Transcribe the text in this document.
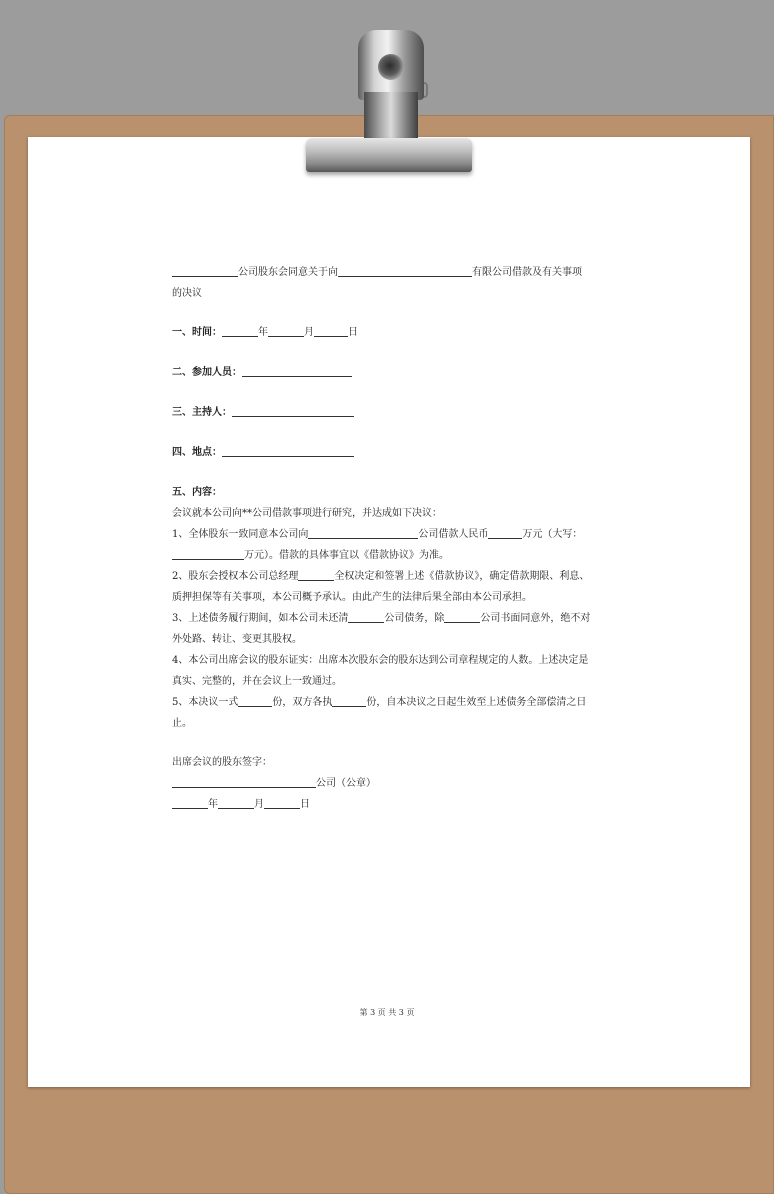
公司股东会同意关于向	有限公司借款及有关事项
的决议
一、时间：	年	月	日
二、参加人员：
三、主持人：
四、地点：
五、内容：
会议就本公司向**公司借款事项进行研究，并达成如下决议：
1、全体股东一致同意本公司向	公司借款人民币	万元（大写：
万元）。借款的具体事宜以《借款协议》为准。
2、股东会授权本公司总经理	全权决定和签署上述《借款协议》，确定借款期限、利息、
质押担保等有关事项，本公司概予承认。由此产生的法律后果全部由本公司承担。
3、上述债务履行期间，如本公司未还清	公司债务，除	公司书面同意外，绝不对
外处路、转让、变更其股权。
4、本公司出席会议的股东证实：出席本次股东会的股东达到公司章程规定的人数。上述决定是
真实、完整的，并在会议上一致通过。
5、本决议一式	份，双方各执	份，自本决议之日起生效至上述债务全部偿清之日
止。
出席会议的股东签字：
公司（公章）
年	月	日
第 3 页 共 3 页
